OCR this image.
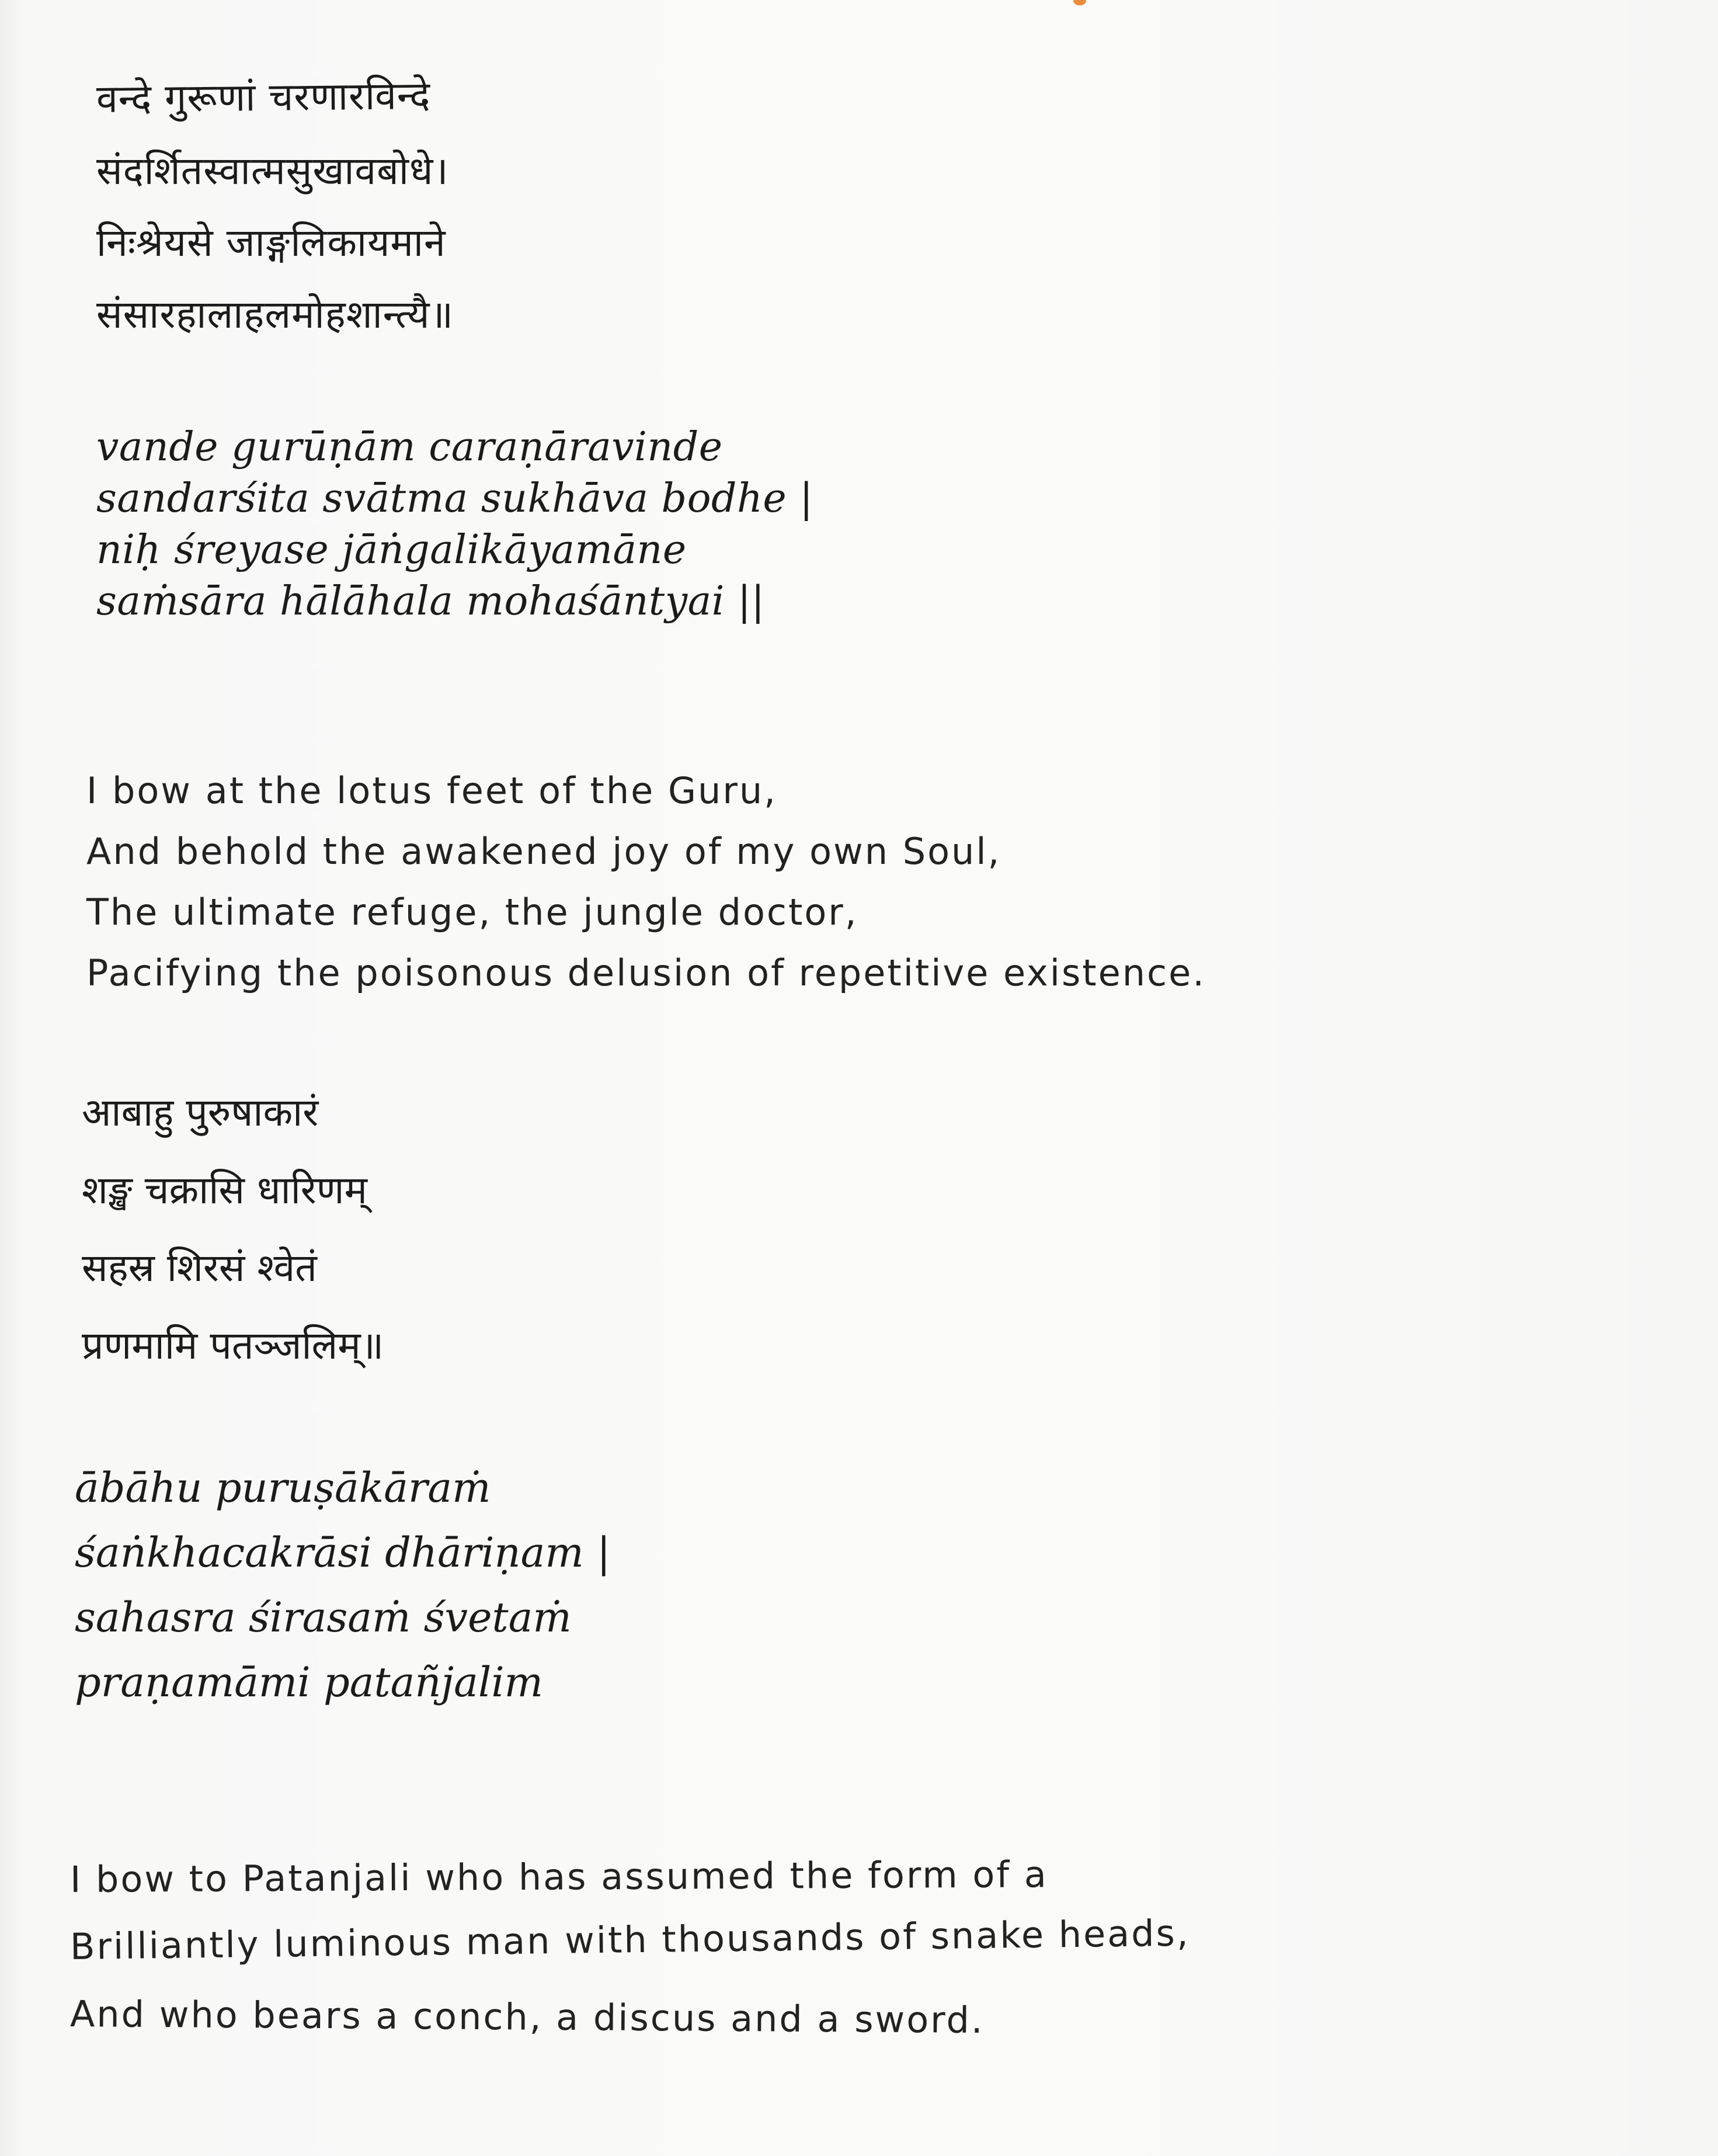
वन्दे गुरूणां चरणारविन्दे
संदर्शितस्वात्मसुखावबोधे।
निःश्रेयसे जाङ्गलिकायमाने
संसारहालाहलमोहशान्त्यै॥
vande gurūṇām caraṇāravinde
sandarśita svātma sukhāva bodhe |
niḥ śreyase jāṅgalikāyamāne
saṁsāra hālāhala mohaśāntyai ||
I bow at the lotus feet of the Guru,
And behold the awakened joy of my own Soul,
The ultimate refuge, the jungle doctor,
Pacifying the poisonous delusion of repetitive existence.
आबाहु पुरुषाकारं
शङ्ख चक्रासि धारिणम्
सहस्र शिरसं श्वेतं
प्रणमामि पतञ्जलिम्॥
ābāhu puruṣākāraṁ
śaṅkhacakrāsi dhāriṇam |
sahasra śirasaṁ śvetaṁ
praṇamāmi patañjalim
I bow to Patanjali who has assumed the form of a
Brilliantly luminous man with thousands of snake heads,
And who bears a conch, a discus and a sword.
